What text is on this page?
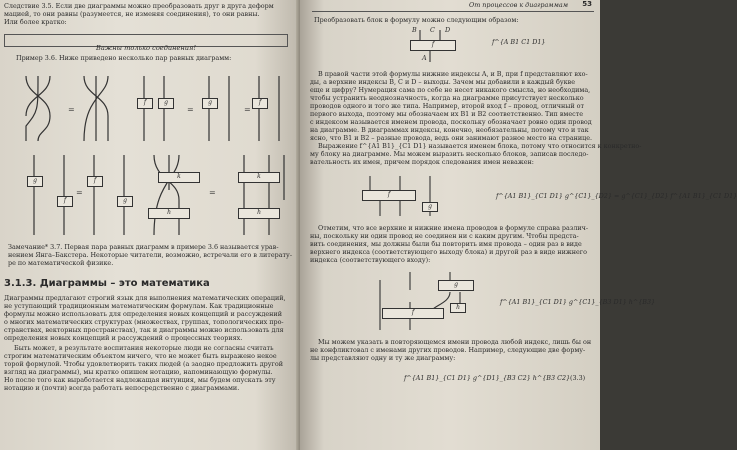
Следствие 3.5. Если две диаграммы можно преобразовать друг в друга деформ
мацией, то они равны (разумеется, не изменяя соединения), то они равны.
Или более кратко:
Важны только соединения!
Пример 3.6. Ниже приведено несколько пар равных диаграмм:
=	=	=
f	g	g	f
=	=
g
f
f
g
k
h
k
h
Замечание* 3.7. Первая пара равных диаграмм в примере 3.6 называется урав-
нением Янга–Бакстера. Некоторые читатели, возможно, встречали его в литерату-
ре по математической физике.
3.1.3. Диаграммы – это математика
Диаграммы предлагают строгий язык для выполнения математических операций,
не уступающий традиционным математическим формулам. Как традиционные
формулы можно использовать для определения новых концепций и рассуждений
о многих математических структурах (множествах, группах, топологических про-
странствах, векторных пространствах), так и диаграммы можно использовать для
определения новых концепций и рассуждений о процессных теориях.
Быть может, в результате воспитания некоторые люди не согласны считать
строгим математическим объектом ничего, что не может быть выражено некое
торой формулой. Чтобы удовлетворить таких людей (а заодно предложить другой
взгляд на диаграммы), мы кратко опишем нотацию, напоминающую формулы.
Но после того как выработается надлежащая интуиция, мы будем опускать эту
нотацию и (почти) всегда работать непосредственно с диаграммами.
От процессов к диаграммам 53
Преобразовать блок в формулу можно следующим образом:
f
B C D
A
f^{A B1 C1 D1}
В правой части этой формулы нижние индексы A, и B, при f представляют вхо-
ды, а верхние индексы B, C и D – выходы. Зачем мы добавили в каждый букве
еще и цифру? Нумерация сама по себе не несет никакого смысла, но необходима,
чтобы устранить неоднозначность, когда на диаграмме присутствует несколько
проводов одного и того же типа. Например, второй вход f – провод, отличный от
первого выхода, поэтому мы обозначаем их B1 и B2 соответственно. Тип вместе
с индексом называется именем провода, поскольку обозначает ровно один провод
на диаграмме. В диаграммах индексы, конечно, необязательны, потому что и так
ясно, что B1 и B2 – разные провода, ведь они занимают разное место на странице.
Выражение f^{A1 B1}_{C1 D1} называется именем блока, потому что относится к конкретно-
му блоку на диаграмме. Мы можем выразить несколько блоков, записав последо-
вательность их имен, причем порядок следования имен неважен:
f
g
f^{A1 B1}_{C1 D1} g^{C1}_{D2} = g^{C1}_{D2} f^{A1 B1}_{C1 D1}
Отметим, что все верхние и нижние имена проводов в формуле справа различ-
ны, поскольку ни один провод не соединен ни с каким другим. Чтобы предста-
вить соединения, мы должны были бы повторить имя провода – один раз в виде
верхнего индекса (соответствующего выходу блока) и другой раз в виде нижнего
индекса (соответствующего входу):
g
f
h
f^{A1 B1}_{C1 D1} g^{C1}_{B3 D1} h^{B3}
Мы можем указать в повторяющемся имени провода любой индекс, лишь бы он
не конфликтовал с именами других проводов. Например, следующие две форму-
лы представляют одну и ту же диаграмму:
f^{A1 B1}_{C1 D1} g^{D1}_{B3 C2} h^{B3 C2} (3.3)
